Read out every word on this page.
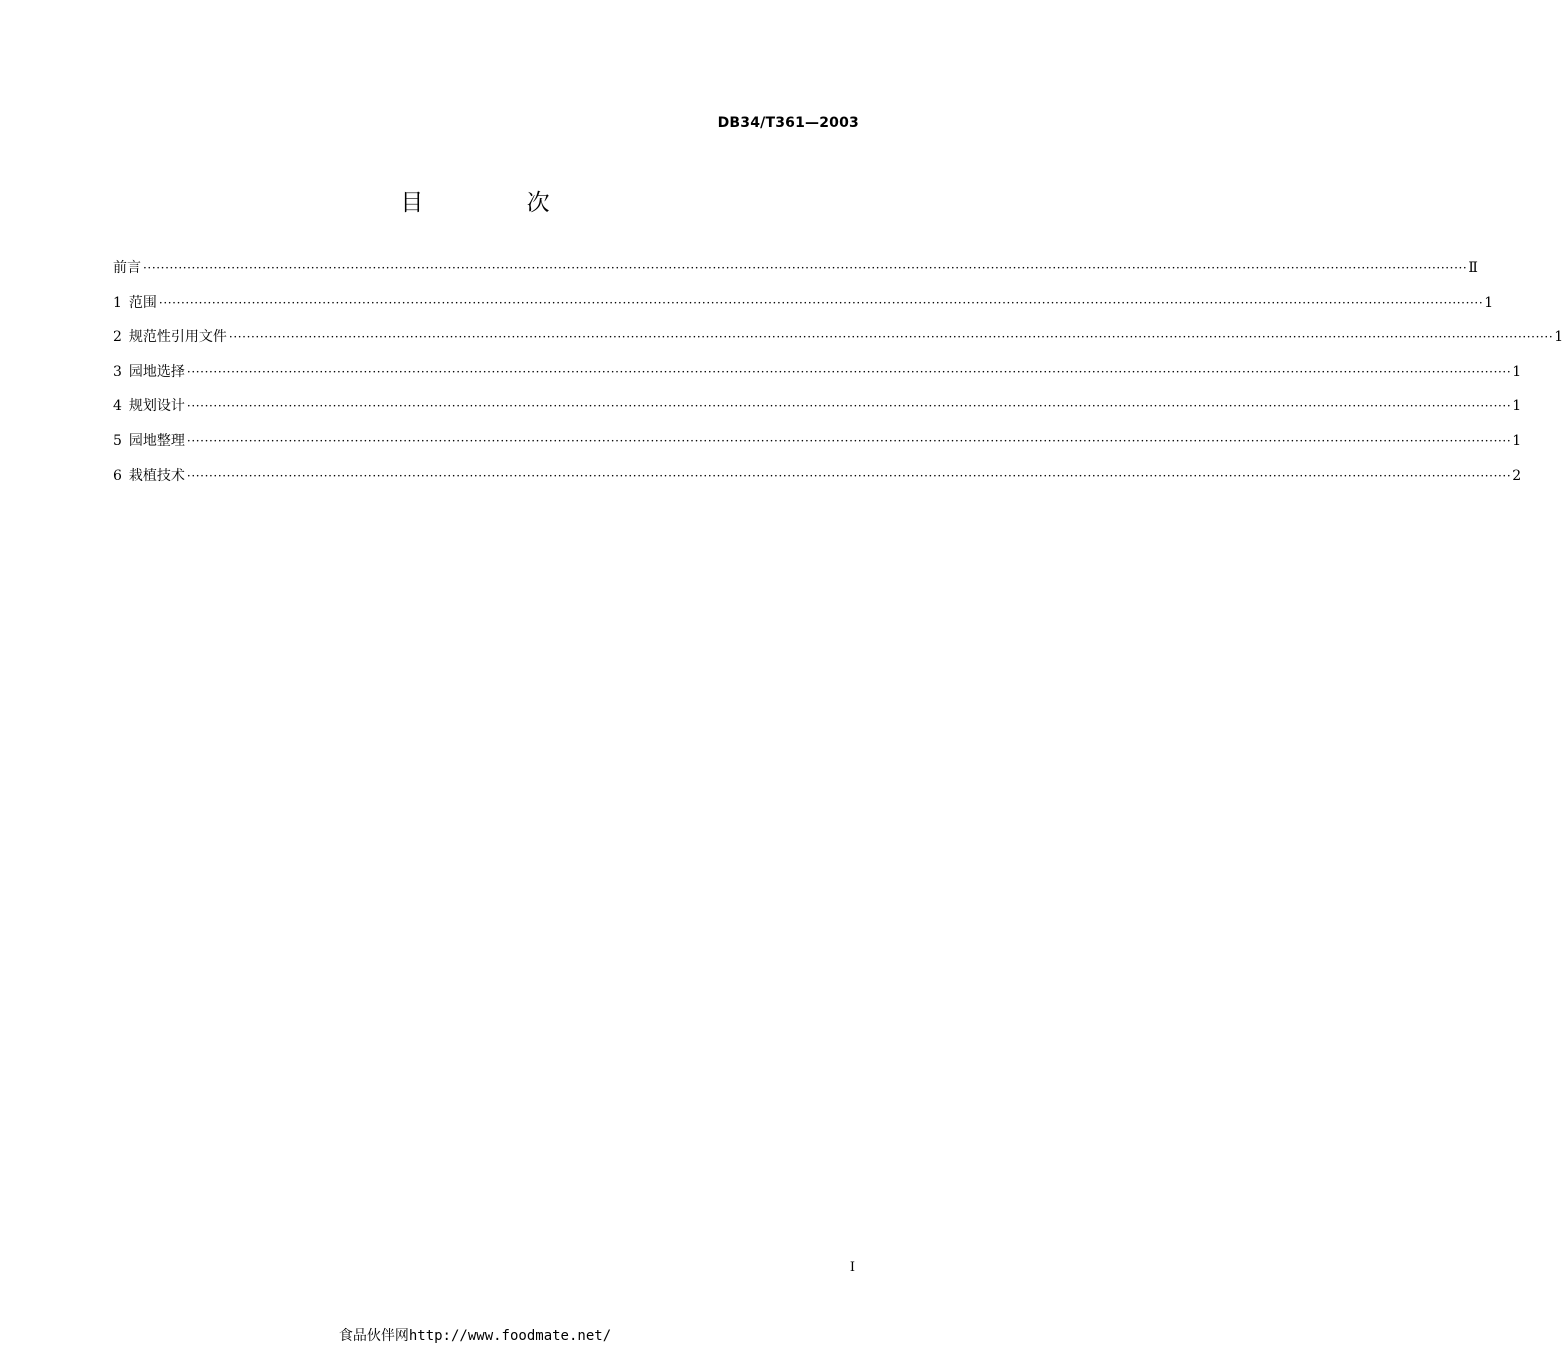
DB34/T361—2003
目 次
前言 ············································································································································································································································································································ Ⅱ
1 范围 ············································································································································································································································································································ 1
2 规范性引用文件 ············································································································································································································································································································ 1
3 园地选择 ············································································································································································································································································································ 1
4 规划设计 ············································································································································································································································································································ 1
5 园地整理 ············································································································································································································································································································ 1
6 栽植技术 ············································································································································································································································································································ 2
I
食品伙伴网http://www.foodmate.net/
